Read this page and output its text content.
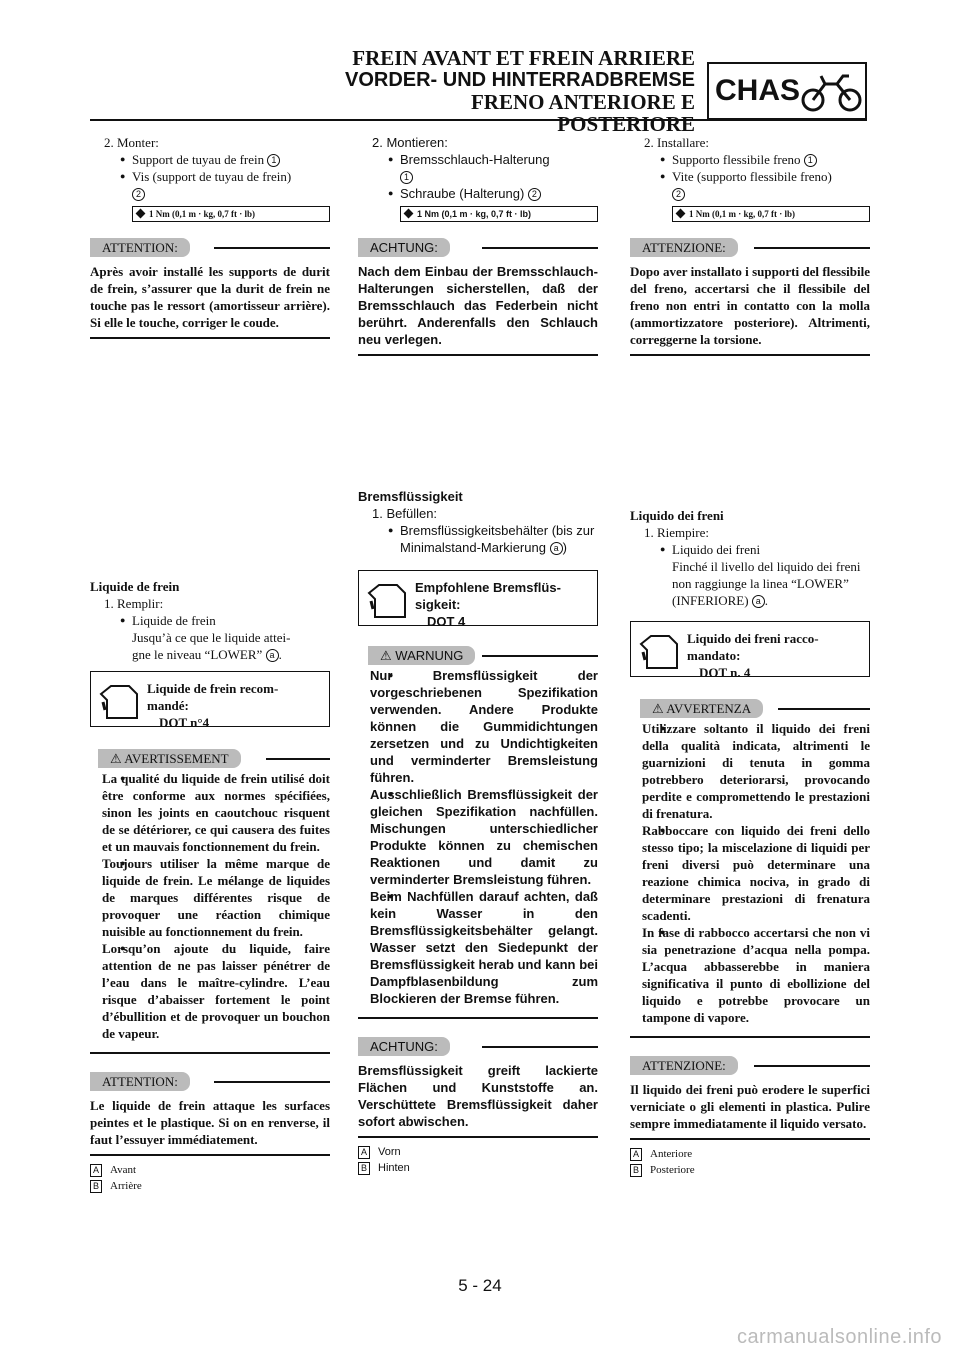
FREIN AVANT ET FREIN ARRIERE
VORDER- UND HINTERRADBREMSE
FRENO ANTERIORE E POSTERIORE
CHAS
2. Monter:
● Support de tuyau de frein 1
● Vis (support de tuyau de frein)
2
1 Nm (0,1 m · kg, 0,7 ft · lb)
ATTENTION:
Après avoir installé les supports de durit de frein, s’assurer que la durit de frein ne touche pas le ressort (amortisseur arrière). Si elle le touche, corriger le coude.
Liquide de frein
1. Remplir:
● Liquide de frein
Jusqu’à ce que le liquide attei-
gne le niveau “LOWER” a .
Liquide de frein recom-
mandé:
DOT n°4
⚠ AVERTISSEMENT
● La qualité du liquide de frein utilisé doit être conforme aux normes spécifiées, sinon les joints en caoutchouc risquent de se détériorer, ce qui causera des fuites et un mauvais fonctionnement du frein.
● Toujours utiliser la même marque de liquide de frein. Le mélange de liquides de marques différentes risque de provoquer une réaction chimique nuisible au fonctionnement du frein.
● Lorsqu’on ajoute du liquide, faire attention de ne pas laisser pénétrer de l’eau dans le maître-cylindre. L’eau risque d’abaisser fortement le point d’ébullition et de provoquer un bouchon de vapeur.
ATTENTION:
Le liquide de frein attaque les surfaces peintes et le plastique. Si on en renverse, il faut l’essuyer immédiatement.
A Avant
B Arrière
2. Montieren:
● Bremsschlauch-Halterung
1
● Schraube (Halterung) 2
1 Nm (0,1 m · kg, 0,7 ft · lb)
ACHTUNG:
Nach dem Einbau der Bremsschlauch-Halterungen sicherstellen, daß der Bremsschlauch das Federbein nicht berührt. Anderenfalls den Schlauch neu verlegen.
Bremsflüssigkeit
1. Befüllen:
● Bremsflüssigkeitsbehälter (bis zur Minimalstand-Markierung a )
Empfohlene Bremsflüs-
sigkeit:
DOT 4
⚠ WARNUNG
● Nur Bremsflüssigkeit der vorgeschriebenen Spezifikation verwenden. Andere Produkte können die Gummidichtungen zersetzen und zu Undichtigkeiten und verminderter Bremsleistung führen.
● Ausschließlich Bremsflüssigkeit der gleichen Spezifikation nachfüllen. Mischungen unterschiedlicher Produkte können zu chemischen Reaktionen und damit zu verminderter Bremsleistung führen.
● Beim Nachfüllen darauf achten, daß kein Wasser in den Bremsflüssigkeitsbehälter gelangt. Wasser setzt den Siedepunkt der Bremsflüssigkeit herab und kann bei Dampfblasenbildung zum Blockieren der Bremse führen.
ACHTUNG:
Bremsflüssigkeit greift lackierte Flächen und Kunststoffe an. Verschüttete Bremsflüssigkeit daher sofort abwischen.
A Vorn
B Hinten
2. Installare:
● Supporto flessibile freno 1
● Vite (supporto flessibile freno)
2
1 Nm (0,1 m · kg, 0,7 ft · lb)
ATTENZIONE:
Dopo aver installato i supporti del flessibile del freno, accertarsi che il flessibile del freno non entri in contatto con la molla (ammortizzatore posteriore). Altrimenti, correggerne la torsione.
Liquido dei freni
1. Riempire:
● Liquido dei freni
Finché il livello del liquido dei freni non raggiunge la linea “LOWER” (INFERIORE) a .
Liquido dei freni racco-
mandato:
DOT n. 4
⚠ AVVERTENZA
● Utilizzare soltanto il liquido dei freni della qualità indicata, altrimenti le guarnizioni di tenuta in gomma potrebbero deteriorarsi, provocando perdite e compromettendo le prestazioni di frenatura.
● Rabboccare con liquido dei freni dello stesso tipo; la miscelazione di liquidi per freni diversi può determinare una reazione chimica nociva, in grado di determinare prestazioni di frenatura scadenti.
● In fase di rabbocco accertarsi che non vi sia penetrazione d’acqua nella pompa. L’acqua abbasserebbe in maniera significativa il punto di ebollizione del liquido e potrebbe provocare un tampone di vapore.
ATTENZIONE:
Il liquido dei freni può erodere le superfici verniciate o gli elementi in plastica. Pulire sempre immediatamente il liquido versato.
A Anteriore
B Posteriore
5 - 24
carmanualsonline.info
